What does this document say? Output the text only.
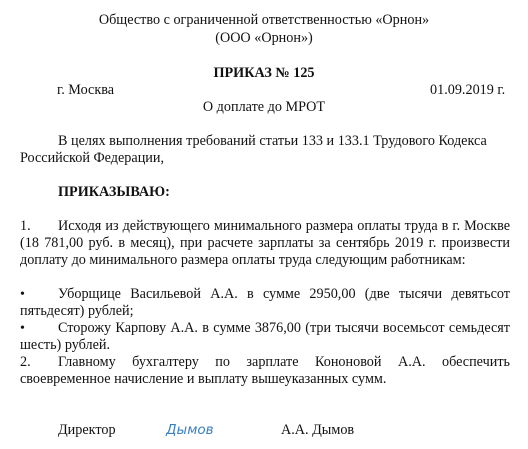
Общество с ограниченной ответственностью «Орнон»
(ООО «Орнон»)
ПРИКАЗ № 125
г. Москва	01.09.2019 г.
О доплате до МРОТ
В целях выполнения требований статьи 133 и 133.1 Трудового Кодекса
Российской Федерации,
ПРИКАЗЫВАЮ:
1.	Исходя из действующего минимального размера оплаты труда в г. Москве (18 781,00 руб. в месяц), при расчете зарплаты за сентябрь 2019 г. произвести доплату до минимального размера оплаты труда следующим работникам:
•	Уборщице Васильевой А.А. в сумме 2950,00 (две тысячи девятьсот пятьдесят) рублей;
•	Сторожу Карпову А.А. в сумме 3876,00 (три тысячи восемьсот семьдесят шесть) рублей.
2.	Главному бухгалтеру по зарплате Кононовой А.А. обеспечить своевременное начисление и выплату вышеуказанных сумм.
Директор	Дымов	А.А. Дымов
